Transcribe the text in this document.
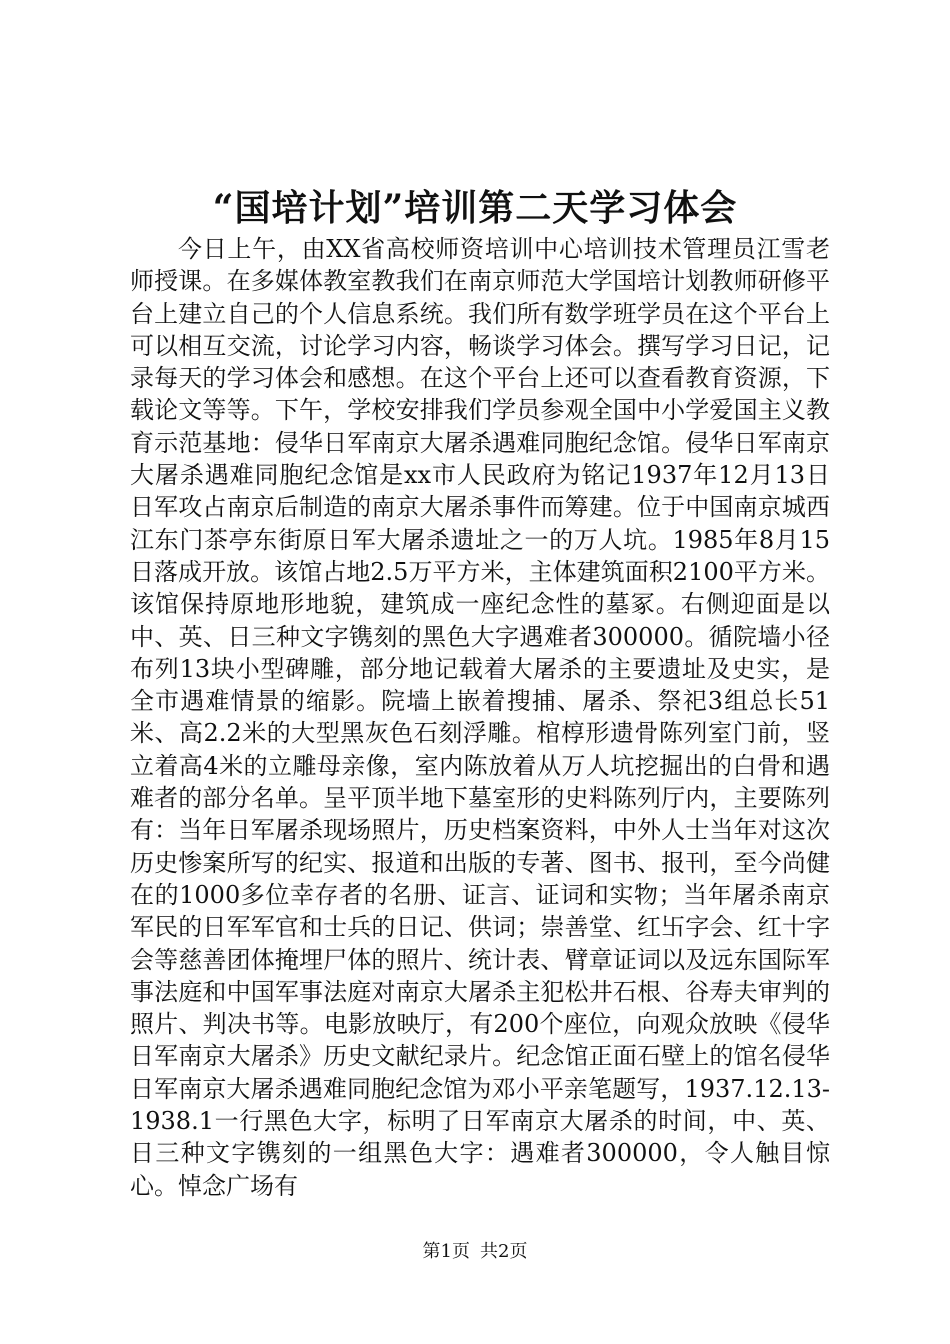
“国培计划”培训第二天学习体会

今日上午，由XX省高校师资培训中心培训技术管理员江雪老师授课。在多媒体教室教我们在南京师范大学国培计划教师研修平台上建立自己的个人信息系统。我们所有数学班学员在这个平台上可以相互交流，讨论学习内容，畅谈学习体会。撰写学习日记，记录每天的学习体会和感想。在这个平台上还可以查看教育资源，下载论文等等。下午，学校安排我们学员参观全国中小学爱国主义教育示范基地：侵华日军南京大屠杀遇难同胞纪念馆。侵华日军南京大屠杀遇难同胞纪念馆是xx市人民政府为铭记1937年12月13日日军攻占南京后制造的南京大屠杀事件而筹建。位于中国南京城西江东门茶亭东街原日军大屠杀遗址之一的万人坑。1985年8月15日落成开放。该馆占地2.5万平方米，主体建筑面积2100平方米。该馆保持原地形地貌，建筑成一座纪念性的墓冢。右侧迎面是以中、英、日三种文字镌刻的黑色大字遇难者300000。循院墙小径布列13块小型碑雕，部分地记载着大屠杀的主要遗址及史实，是全市遇难情景的缩影。院墙上嵌着搜捕、屠杀、祭祀3组总长51米、高2.2米的大型黑灰色石刻浮雕。棺椁形遗骨陈列室门前，竖立着高4米的立雕母亲像，室内陈放着从万人坑挖掘出的白骨和遇难者的部分名单。呈平顶半地下墓室形的史料陈列厅内，主要陈列有：当年日军屠杀现场照片，历史档案资料，中外人士当年对这次历史惨案所写的纪实、报道和出版的专著、图书、报刊，至今尚健在的1000多位幸存者的名册、证言、证词和实物；当年屠杀南京军民的日军军官和士兵的日记、供词；崇善堂、红卐字会、红十字会等慈善团体掩埋尸体的照片、统计表、臂章证词以及远东国际军事法庭和中国军事法庭对南京大屠杀主犯松井石根、谷寿夫审判的照片、判决书等。电影放映厅，有200个座位，向观众放映《侵华日军南京大屠杀》历史文献纪录片。纪念馆正面石壁上的馆名侵华日军南京大屠杀遇难同胞纪念馆为邓小平亲笔题写，1937.12.13-1938.1一行黑色大字，标明了日军南京大屠杀的时间，中、英、日三种文字镌刻的一组黑色大字：遇难者300000，令人触目惊心。悼念广场有

第1页 共2页
